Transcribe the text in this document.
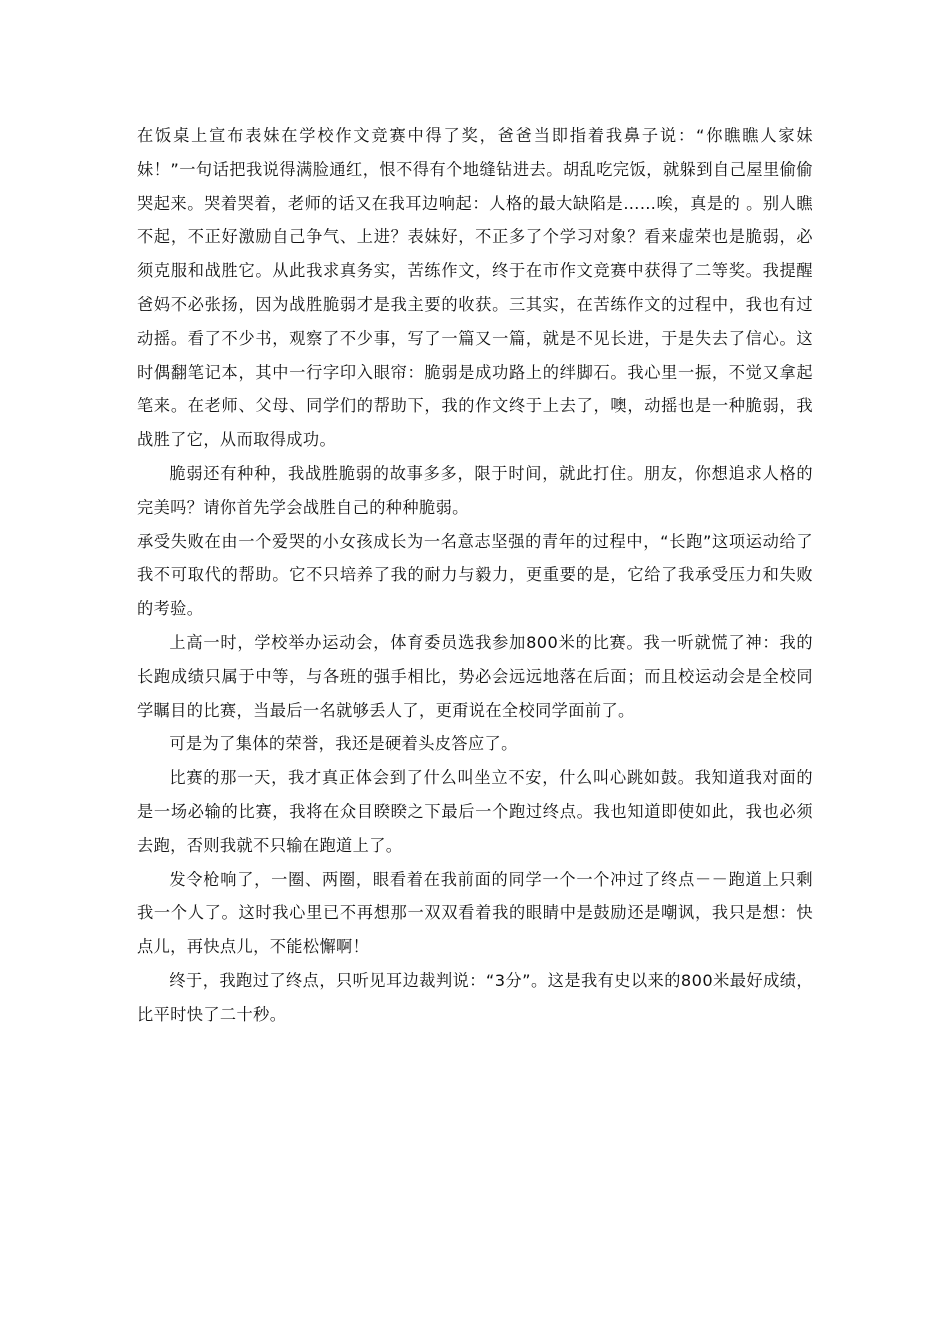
在饭桌上宣布表妹在学校作文竞赛中得了奖，爸爸当即指着我鼻子说：“你瞧瞧人家妹妹！”一句话把我说得满脸通红，恨不得有个地缝钻进去。胡乱吃完饭，就躲到自己屋里偷偷哭起来。哭着哭着，老师的话又在我耳边响起：人格的最大缺陷是……唉，真是的 。别人瞧不起，不正好激励自己争气、上进？表妹好，不正多了个学习对象？看来虚荣也是脆弱，必须克服和战胜它。从此我求真务实，苦练作文，终于在市作文竞赛中获得了二等奖。我提醒爸妈不必张扬，因为战胜脆弱才是我主要的收获。三其实，在苦练作文的过程中，我也有过动摇。看了不少书，观察了不少事，写了一篇又一篇，就是不见长进，于是失去了信心。这时偶翻笔记本，其中一行字印入眼帘：脆弱是成功路上的绊脚石。我心里一振，不觉又拿起笔来。在老师、父母、同学们的帮助下，我的作文终于上去了，噢，动摇也是一种脆弱，我战胜了它，从而取得成功。

脆弱还有种种，我战胜脆弱的故事多多，限于时间，就此打住。朋友，你想追求人格的完美吗？请你首先学会战胜自己的种种脆弱。

承受失败在由一个爱哭的小女孩成长为一名意志坚强的青年的过程中，“长跑”这项运动给了我不可取代的帮助。它不只培养了我的耐力与毅力，更重要的是，它给了我承受压力和失败的考验。

上高一时，学校举办运动会，体育委员选我参加800米的比赛。我一听就慌了神：我的长跑成绩只属于中等，与各班的强手相比，势必会远远地落在后面；而且校运动会是全校同学瞩目的比赛，当最后一名就够丢人了，更甭说在全校同学面前了。

可是为了集体的荣誉，我还是硬着头皮答应了。

比赛的那一天，我才真正体会到了什么叫坐立不安，什么叫心跳如鼓。我知道我对面的是一场必输的比赛，我将在众目睽睽之下最后一个跑过终点。我也知道即使如此，我也必须去跑，否则我就不只输在跑道上了。

发令枪响了，一圈、两圈，眼看着在我前面的同学一个一个冲过了终点－－跑道上只剩我一个人了。这时我心里已不再想那一双双看着我的眼睛中是鼓励还是嘲讽，我只是想：快点儿，再快点儿，不能松懈啊！

终于，我跑过了终点，只听见耳边裁判说：“3分”。这是我有史以来的800米最好成绩，比平时快了二十秒。
